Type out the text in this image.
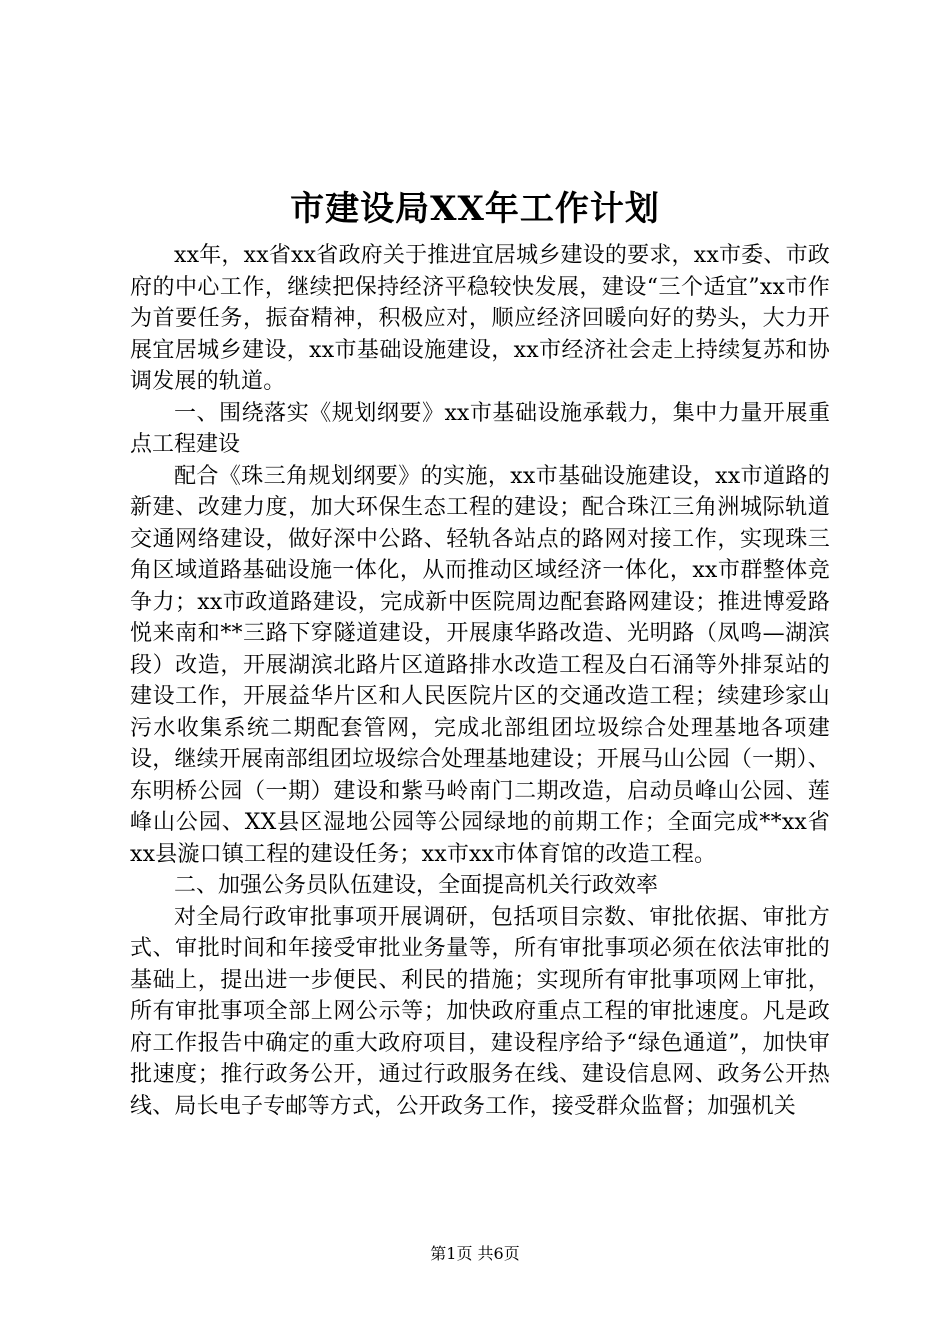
市建设局XX年工作计划

xx年，xx省xx省政府关于推进宜居城乡建设的要求，xx市委、市政府的中心工作，继续把保持经济平稳较快发展，建设“三个适宜”xx市作为首要任务，振奋精神，积极应对，顺应经济回暖向好的势头，大力开展宜居城乡建设，xx市基础设施建设，xx市经济社会走上持续复苏和协调发展的轨道。

一、围绕落实《规划纲要》xx市基础设施承载力，集中力量开展重点工程建设

配合《珠三角规划纲要》的实施，xx市基础设施建设，xx市道路的新建、改建力度，加大环保生态工程的建设；配合珠江三角洲城际轨道交通网络建设，做好深中公路、轻轨各站点的路网对接工作，实现珠三角区域道路基础设施一体化，从而推动区域经济一体化，xx市群整体竞争力；xx市政道路建设，完成新中医院周边配套路网建设；推进博爱路悦来南和**三路下穿隧道建设，开展康华路改造、光明路（凤鸣—湖滨段）改造，开展湖滨北路片区道路排水改造工程及白石涌等外排泵站的建设工作，开展益华片区和人民医院片区的交通改造工程；续建珍家山污水收集系统二期配套管网，完成北部组团垃圾综合处理基地各项建设，继续开展南部组团垃圾综合处理基地建设；开展马山公园（一期）、东明桥公园（一期）建设和紫马岭南门二期改造，启动员峰山公园、莲峰山公园、XX县区湿地公园等公园绿地的前期工作；全面完成**xx省xx县漩口镇工程的建设任务；xx市xx市体育馆的改造工程。

二、加强公务员队伍建设，全面提高机关行政效率

对全局行政审批事项开展调研，包括项目宗数、审批依据、审批方式、审批时间和年接受审批业务量等，所有审批事项必须在依法审批的基础上，提出进一步便民、利民的措施；实现所有审批事项网上审批，所有审批事项全部上网公示等；加快政府重点工程的审批速度。凡是政府工作报告中确定的重大政府项目，建设程序给予“绿色通道”，加快审批速度；推行政务公开，通过行政服务在线、建设信息网、政务公开热线、局长电子专邮等方式，公开政务工作，接受群众监督；加强机关

第1页 共6页
